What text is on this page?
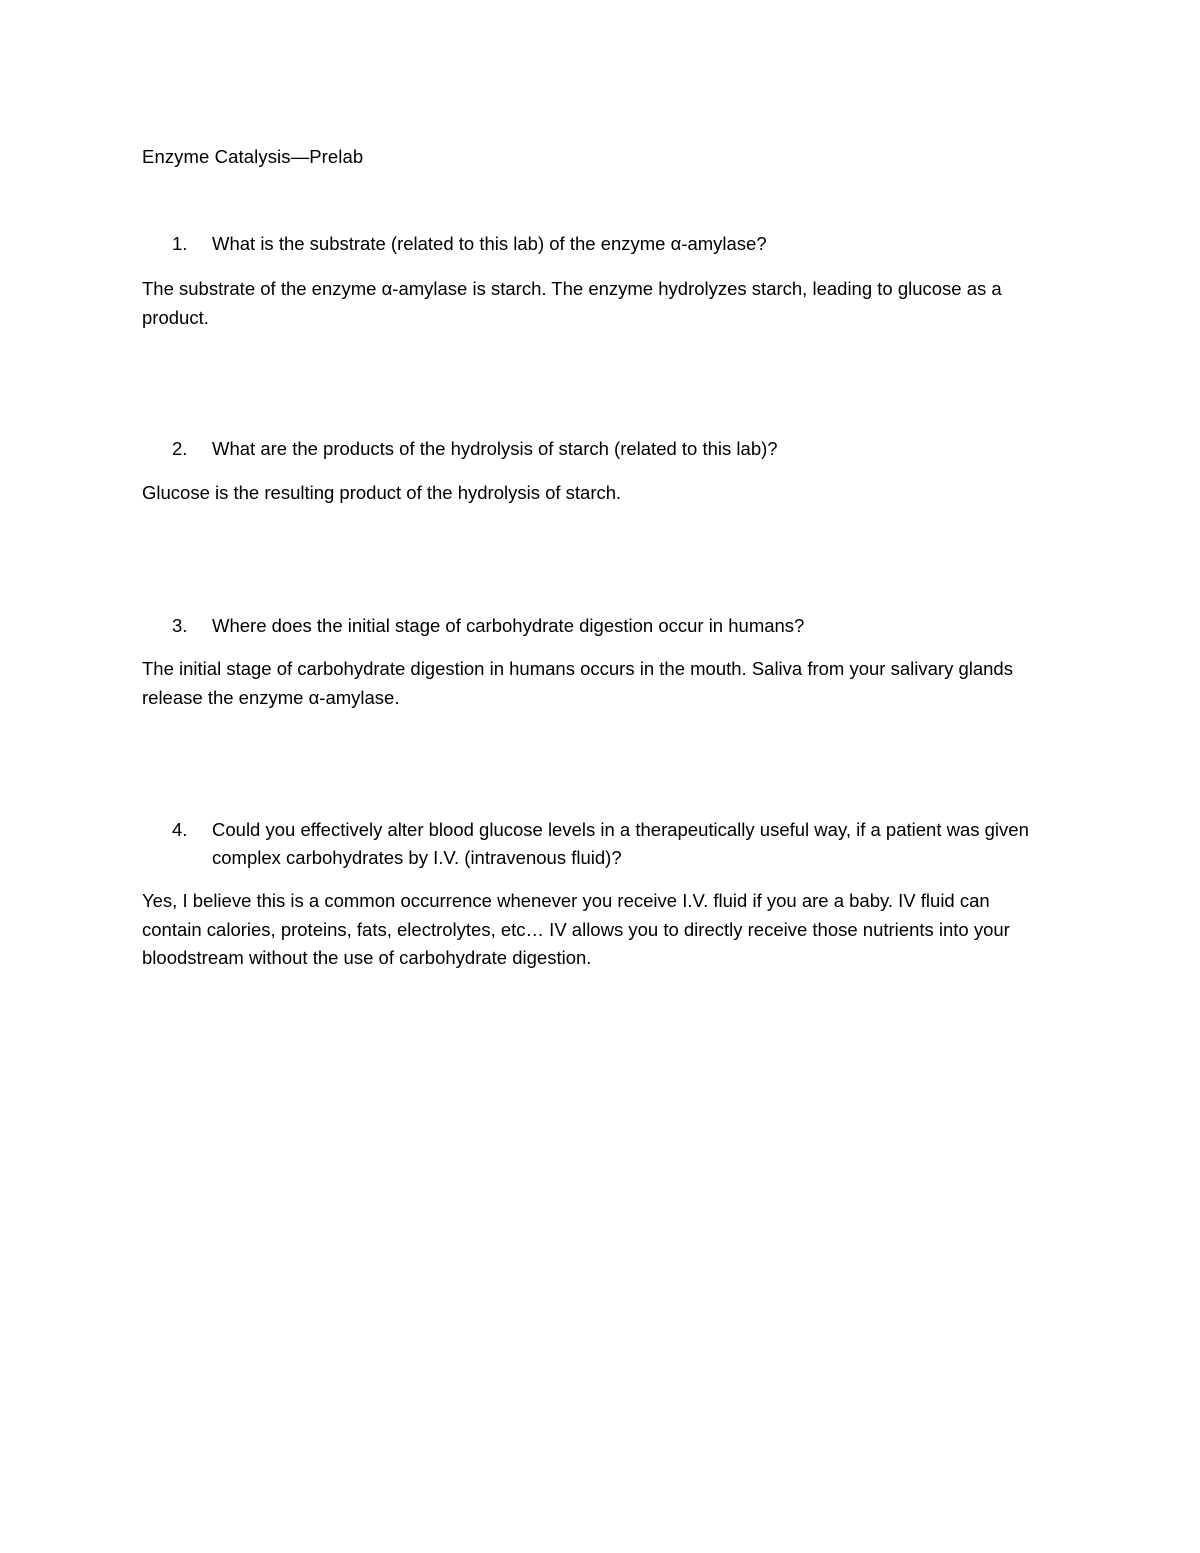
Enzyme Catalysis—Prelab
1.	What is the substrate (related to this lab) of the enzyme α-amylase?
The substrate of the enzyme α-amylase is starch. The enzyme hydrolyzes starch, leading to glucose as a product.
2.	What are the products of the hydrolysis of starch (related to this lab)?
Glucose is the resulting product of the hydrolysis of starch.
3.	Where does the initial stage of carbohydrate digestion occur in humans?
The initial stage of carbohydrate digestion in humans occurs in the mouth. Saliva from your salivary glands release the enzyme α-amylase.
4.	Could you effectively alter blood glucose levels in a therapeutically useful way, if a patient was given complex carbohydrates by I.V. (intravenous fluid)?
Yes, I believe this is a common occurrence whenever you receive I.V. fluid if you are a baby. IV fluid can contain calories, proteins, fats, electrolytes, etc… IV allows you to directly receive those nutrients into your bloodstream without the use of carbohydrate digestion.
